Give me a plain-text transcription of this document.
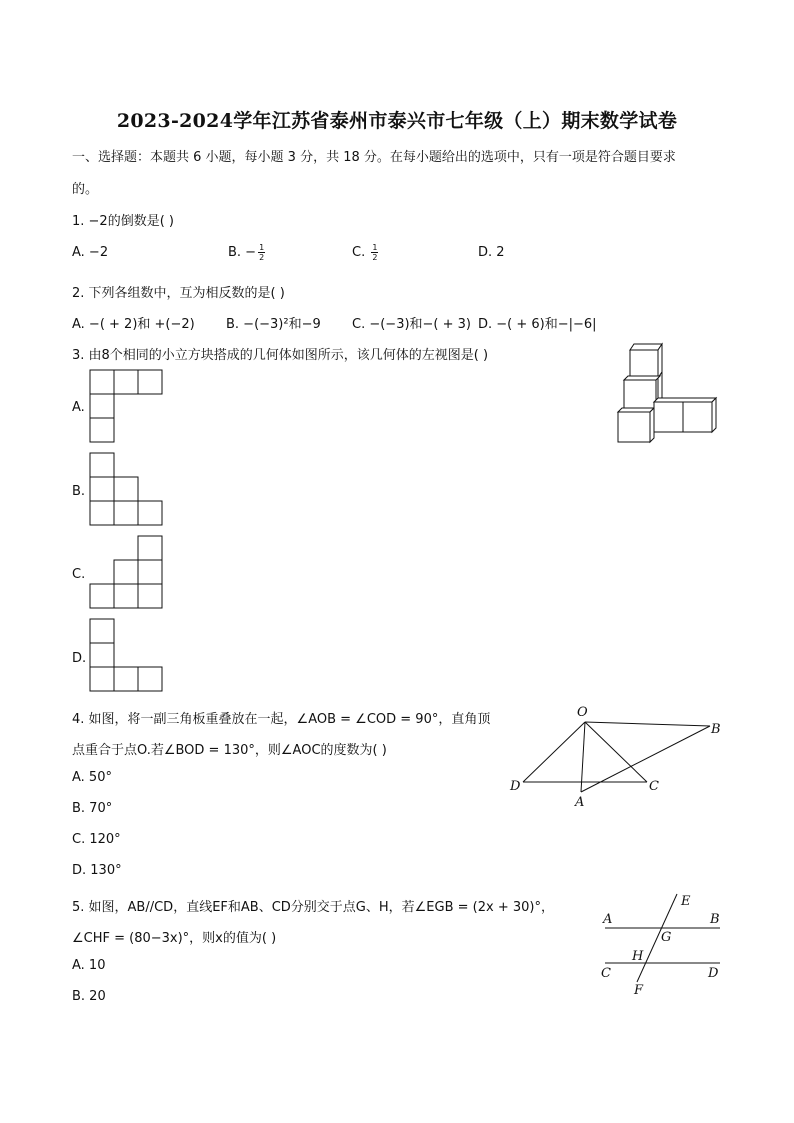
2023-2024学年江苏省泰州市泰兴市七年级（上）期末数学试卷
一、选择题：本题共 6 小题，每小题 3 分，共 18 分。在每小题给出的选项中，只有一项是符合题目要求
的。
1. −2的倒数是( )
A. −2	B. − $\frac{1}{2}$	C. $\frac{1}{2}$	D. 2
2. 下列各组数中，互为相反数的是( )
A. −( + 2)和 +(−2) B. −(−3)²和−9 C. −(−3)和−( + 3) D. −( + 6)和−|−6|
3. 由8个相同的小立方块搭成的几何体如图所示，该几何体的左视图是( )
A.
B.
C.
D.
4. 如图，将一副三角板重叠放在一起，∠AOB = ∠COD = 90°，直角顶
点重合于点O.若∠BOD = 130°，则∠AOC的度数为( )
A. 50°
B. 70°
C. 120°
D. 130°
O
B
D
A
C
5. 如图，AB//CD，直线EF和AB、CD分别交于点G、H，若∠EGB = (2x + 30)°，
∠CHF = (80−3x)°，则x的值为( )
A. 10
B. 20
E
A	B
G
H
C	D
F
